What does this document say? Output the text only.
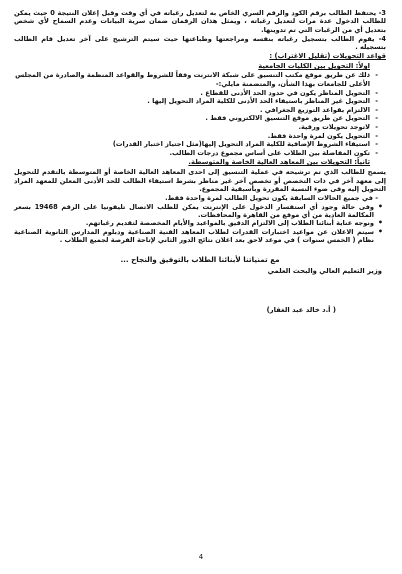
3- يحتفظ الطالب برقم الكود والرقم السري الخاص به لتعديل رغباته في أي وقت وقبل إعلان النتيجة 0 حيث يمكن للطالب الدخول عدة مرات لتعديل رغباته ، ويمثل هذان الرقمان ضمان سرية البيانات وعدم السماح لأي شخص بتعديل أي من الرغبات التي تم تدوينها.

4- يقوم الطالب بتسجيل رغباته بنفسه ومراجعتها وطباعتها حيث سيتم الترشيح على آخر تعديل قام الطالب بتسجيله .

قواعد التحويلات (تقليل الاغتراب) :
اولاً: التحويل بين الكليات الجامعية
- ذلك عن طريق موقع مكتب التنسيق على شبكة الانترنت وفقاً للشروط والقواعد المنظمة والصادرة من المجلس الأعلى للجامعات بهذا الشأن، والمتضمنة مايلي:-
- التحويل المناظر يكون في حدود الحد الأدنى للقطاع .
- التحويل غير المناظر باستيفاء الحد الأدنى للكلية المراد التحويل إليها .
- الالتزام بقواعد التوزيع الجغرافي .
- التحويل عن طريق موقع التنسيق الالكتروني فقط .
- لاتوجد تحويلات ورقية.
- التحويل يكون لمرة واحدة فقط.
- استيفاء الشروط الإضافية للكلية المراد التحويل إليها(مثل اجتياز اختبار القدرات)
- تكون المفاضلة بين الطلاب على أساس مجموع درجات الطالب.
ثانياً: التحويلات بين المعاهد العالية الخاصة والمتوسطة.

يسمح للطالب الذي تم ترشيحه في عملية التنسيق إلى احدى المعاهد العالية الخاصة أو المتوسطة بالتقدم للتحويل إلى معهد آخر في ذات التخصص أو تخصص آخر غير مناظر بشرط استيفاء الطالب للحد الأدنى المعلن للمعهد المراد التحويل إليه وفى ضوء النسبة المقررة وبأسبقية المجموع.

- في جميع الحالات السابقة يكون تحويل الطالب لمرة واحدة فقط.

• وفى حالة وجود أي استفسار الدخول على الإنترنت يمكن للطلب الاتصال تليفونيا على الرقم 19468 بسعر المكالمة العادية من أي موقع من القاهرة والمحافظات.
• ونوجه عناية أبنائنا الطلاب إلى الالتزام الدقيق بالمواعيد والأيام المخصصة لتقديم رغباتهم.
• سيتم الاعلان عن مواعيد اختبارات القدرات لطلاب المعاهد الفنية الصناعية ودبلوم المدارس الثانوية الصناعية نظام ( الخمس سنوات ) في موعد لاحق بعد اعلان نتائج الدور الثاني لإتاحة الفرصة لجميع الطلاب .
مع تمنياتنا لأبنائنا الطلاب بالتوفيق والنجاح ...
وزير التعليم العالي والبحث العلمي
( أ.د خالد عبد الغفار)
4
